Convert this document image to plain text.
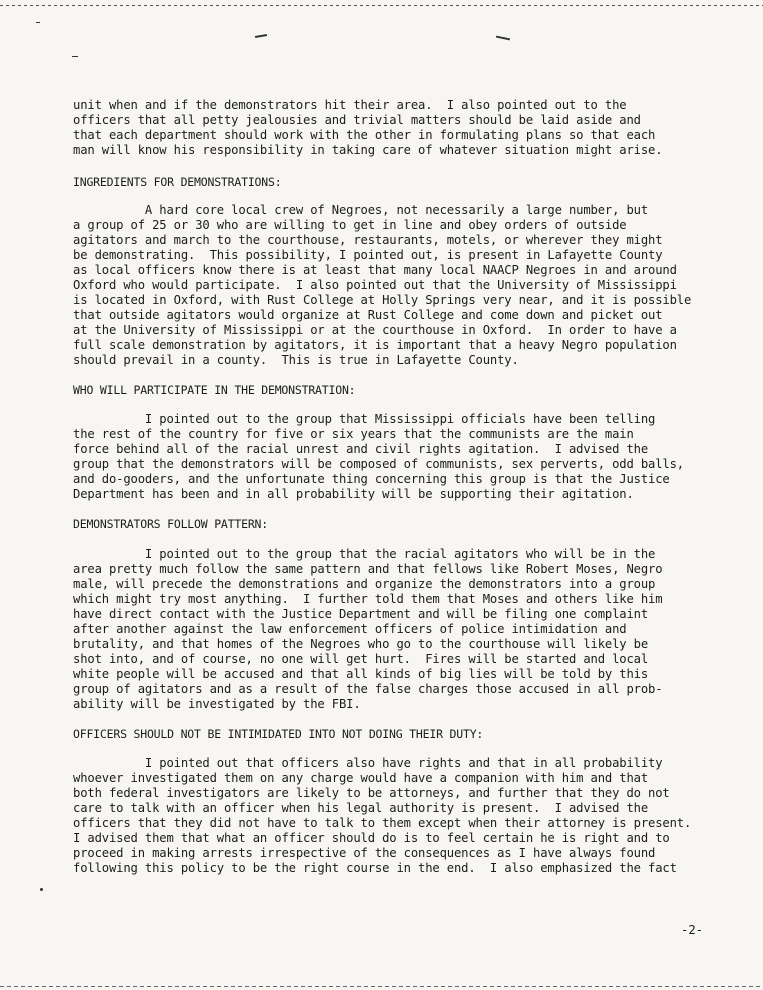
unit when and if the demonstrators hit their area.  I also pointed out to the
officers that all petty jealousies and trivial matters should be laid aside and
that each department should work with the other in formulating plans so that each
man will know his responsibility in taking care of whatever situation might arise.

INGREDIENTS FOR DEMONSTRATIONS:

A hard core local crew of Negroes, not necessarily a large number, but
a group of 25 or 30 who are willing to get in line and obey orders of outside
agitators and march to the courthouse, restaurants, motels, or wherever they might
be demonstrating.  This possibility, I pointed out, is present in Lafayette County
as local officers know there is at least that many local NAACP Negroes in and around
Oxford who would participate.  I also pointed out that the University of Mississippi
is located in Oxford, with Rust College at Holly Springs very near, and it is possible
that outside agitators would organize at Rust College and come down and picket out
at the University of Mississippi or at the courthouse in Oxford.  In order to have a
full scale demonstration by agitators, it is important that a heavy Negro population
should prevail in a county.  This is true in Lafayette County.

WHO WILL PARTICIPATE IN THE DEMONSTRATION:

I pointed out to the group that Mississippi officials have been telling
the rest of the country for five or six years that the communists are the main
force behind all of the racial unrest and civil rights agitation.  I advised the
group that the demonstrators will be composed of communists, sex perverts, odd balls,
and do-gooders, and the unfortunate thing concerning this group is that the Justice
Department has been and in all probability will be supporting their agitation.

DEMONSTRATORS FOLLOW PATTERN:

I pointed out to the group that the racial agitators who will be in the
area pretty much follow the same pattern and that fellows like Robert Moses, Negro
male, will precede the demonstrations and organize the demonstrators into a group
which might try most anything.  I further told them that Moses and others like him
have direct contact with the Justice Department and will be filing one complaint
after another against the law enforcement officers of police intimidation and
brutality, and that homes of the Negroes who go to the courthouse will likely be
shot into, and of course, no one will get hurt.  Fires will be started and local
white people will be accused and that all kinds of big lies will be told by this
group of agitators and as a result of the false charges those accused in all prob-
ability will be investigated by the FBI.

OFFICERS SHOULD NOT BE INTIMIDATED INTO NOT DOING THEIR DUTY:

I pointed out that officers also have rights and that in all probability
whoever investigated them on any charge would have a companion with him and that
both federal investigators are likely to be attorneys, and further that they do not
care to talk with an officer when his legal authority is present.  I advised the
officers that they did not have to talk to them except when their attorney is present.
I advised them that what an officer should do is to feel certain he is right and to
proceed in making arrests irrespective of the consequences as I have always found
following this policy to be the right course in the end.  I also emphasized the fact

-2-
